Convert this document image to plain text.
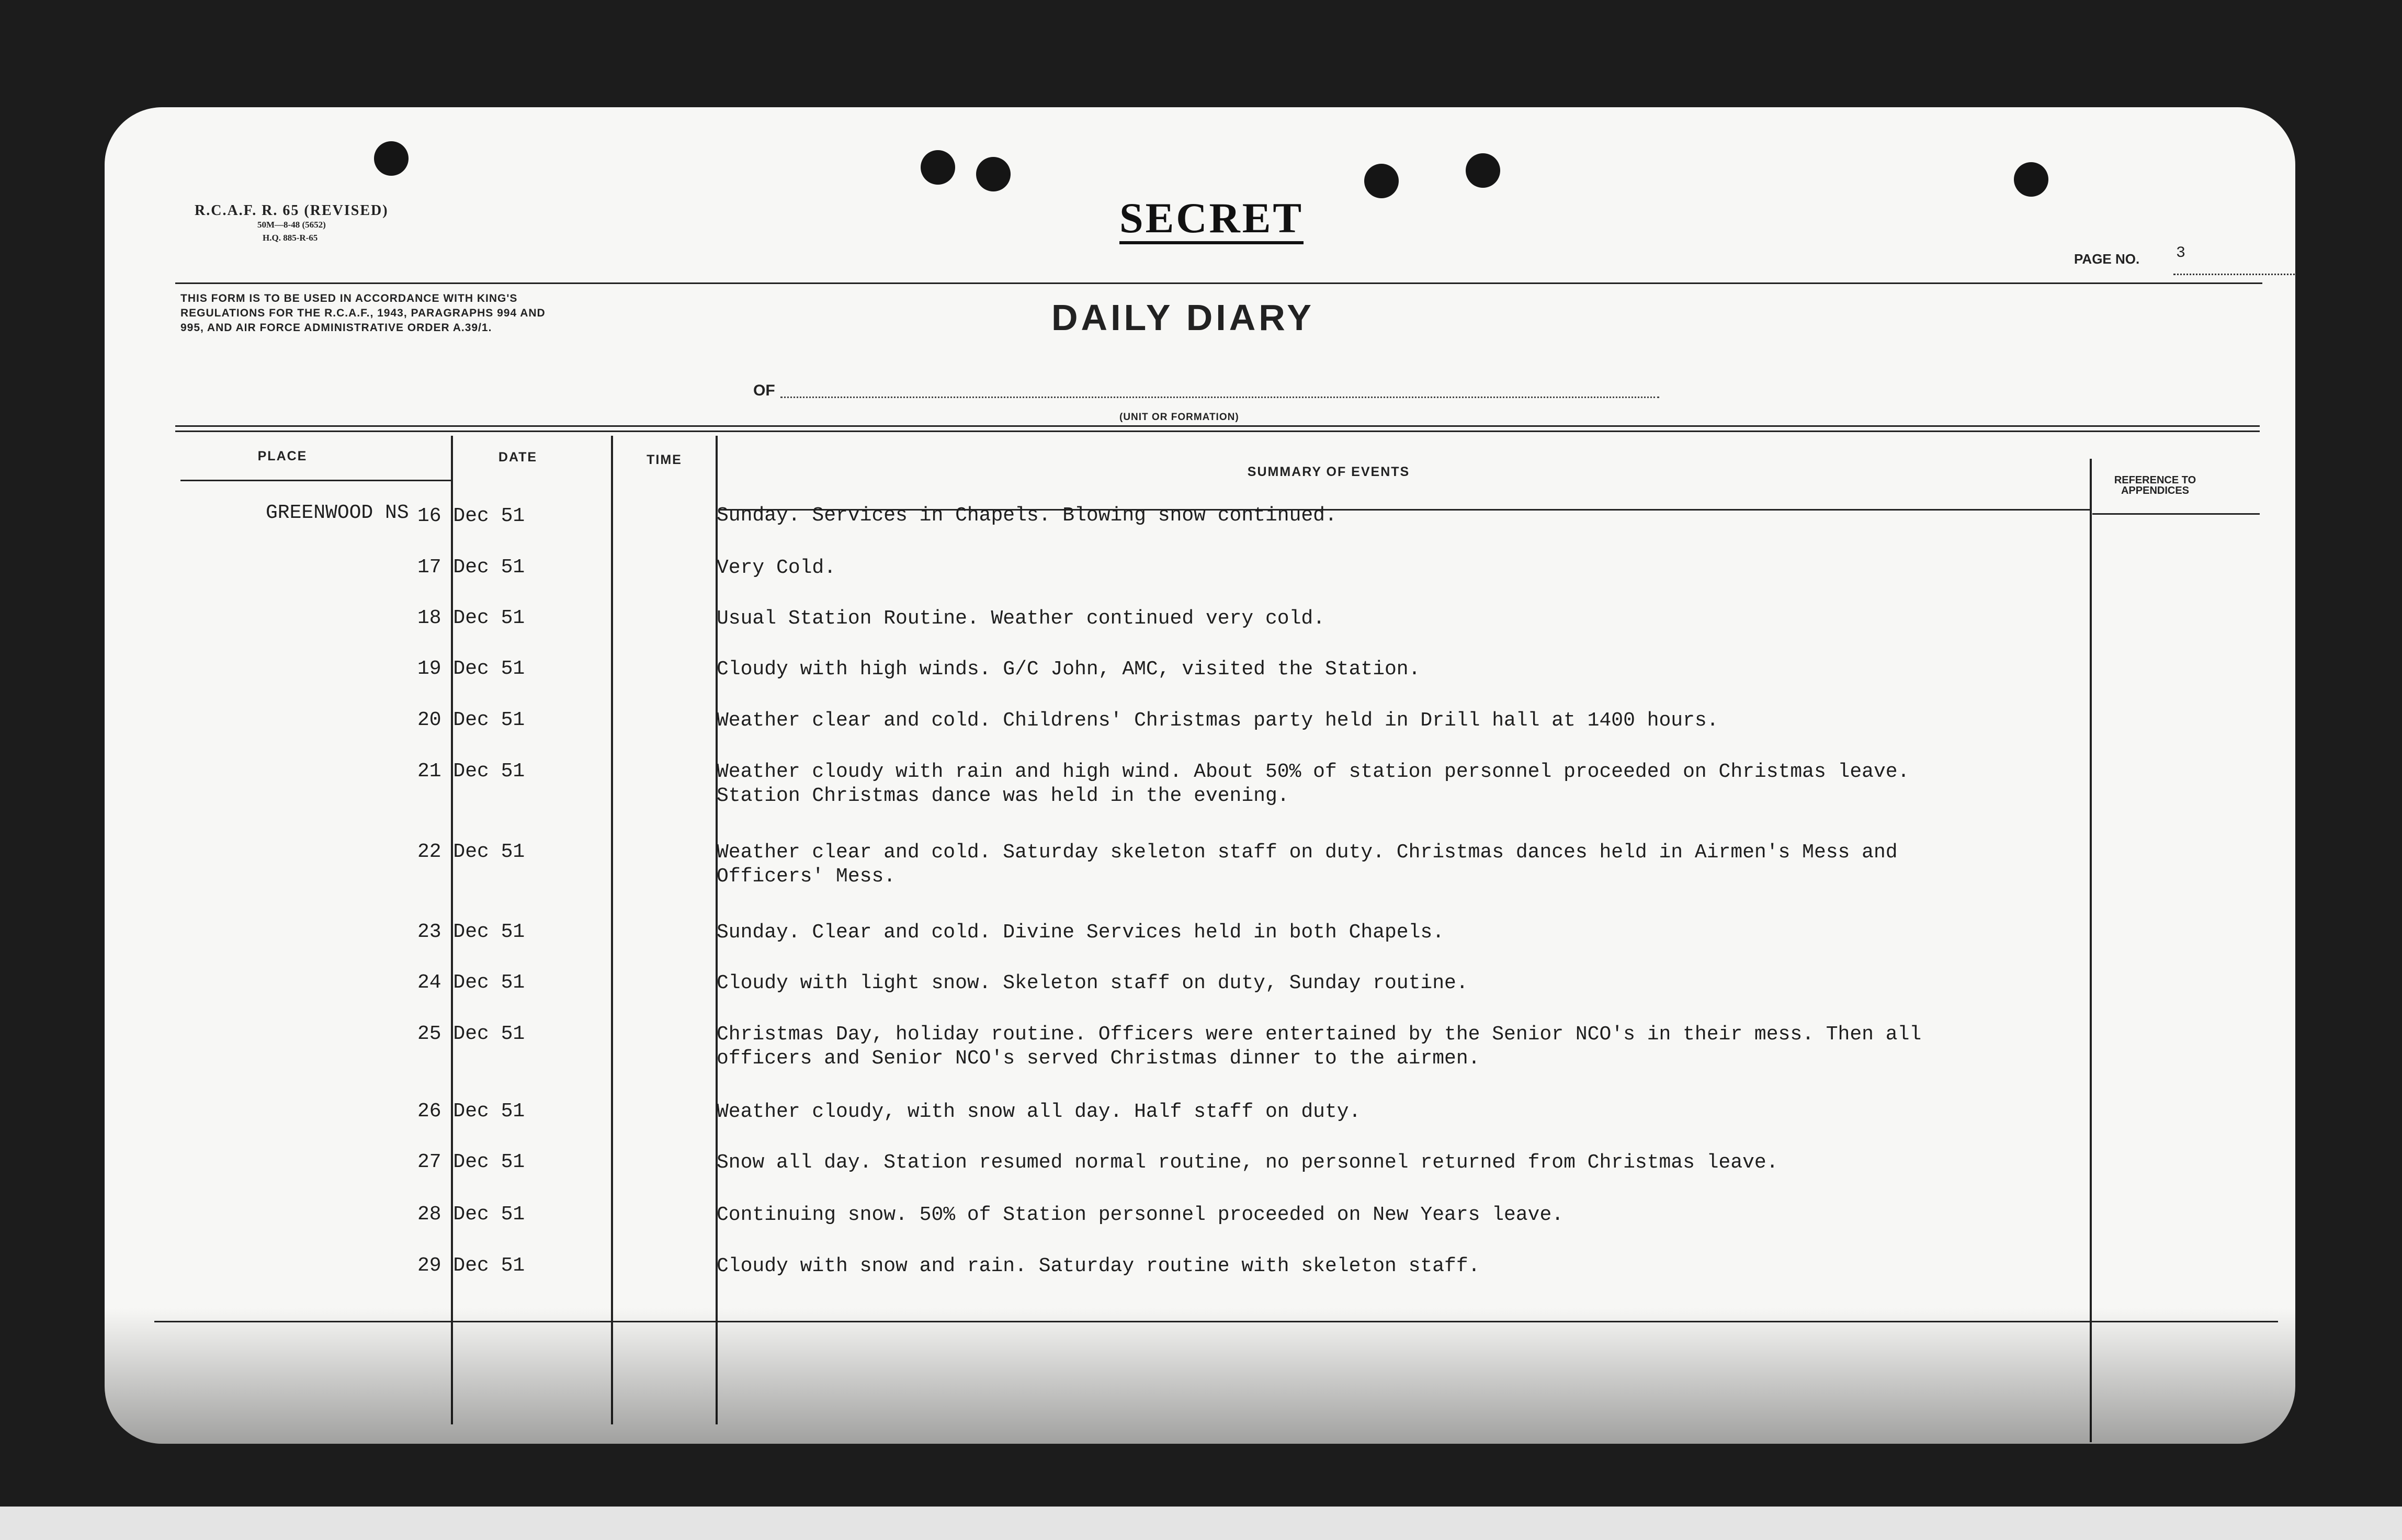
R.C.A.F. R. 65 (REVISED)
50M—8-48 (5652)
H.Q. 885-R-65
THIS FORM IS TO BE USED IN ACCORDANCE WITH KING'S REGULATIONS FOR THE R.C.A.F., 1943, PARAGRAPHS 994 AND 995, AND AIR FORCE ADMINISTRATIVE ORDER A.39/1.
SECRET
DAILY DIARY
PAGE NO. 3
OF
(UNIT OR FORMATION)
PLACE	DATE	TIME
SUMMARY OF EVENTS
REFERENCE TO APPENDICES
GREENWOOD NS 16 Dec 51	Sunday. Services in Chapels. Blowing snow continued.
17 Dec 51	Very Cold.
18 Dec 51	Usual Station Routine. Weather continued very cold.
19 Dec 51	Cloudy with high winds. G/C John, AMC, visited the Station.
20 Dec 51	Weather clear and cold. Childrens' Christmas party held in Drill hall at 1400 hours.
21 Dec 51	Weather cloudy with rain and high wind. About 50% of station personnel proceeded on Christmas leave. Station Christmas dance was held in the evening.
22 Dec 51	Weather clear and cold. Saturday skeleton staff on duty. Christmas dances held in Airmen's Mess and Officers' Mess.
23 Dec 51	Sunday. Clear and cold. Divine Services held in both Chapels.
24 Dec 51	Cloudy with light snow. Skeleton staff on duty, Sunday routine.
25 Dec 51	Christmas Day, holiday routine. Officers were entertained by the Senior NCO's in their mess. Then all officers and Senior NCO's served Christmas dinner to the airmen.
26 Dec 51	Weather cloudy, with snow all day. Half staff on duty.
27 Dec 51	Snow all day. Station resumed normal routine, no personnel returned from Christmas leave.
28 Dec 51	Continuing snow. 50% of Station personnel proceeded on New Years leave.
29 Dec 51	Cloudy with snow and rain. Saturday routine with skeleton staff.
